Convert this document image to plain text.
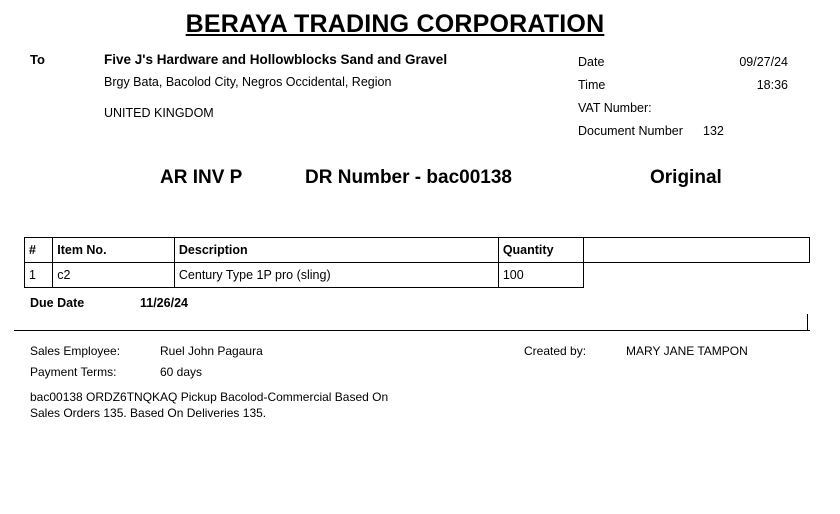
BERAYA TRADING CORPORATION
To	Five J's Hardware and Hollowblocks Sand and Gravel
Brgy Bata, Bacolod City, Negros Occidental, Region
UNITED KINGDOM
Date	09/27/24
Time	18:36
VAT Number:
Document Number 132
AR INV P	DR Number - bac00138	Original
#	Item No.	Description	Quantity	
1	c2	Century Type 1P pro (sling)	100	
Due Date	11/26/24
Sales Employee:	Ruel John Pagaura	Created by:	MARY JANE TAMPON
Payment Terms:	60 days
bac00138 ORDZ6TNQKAQ Pickup Bacolod-Commercial Based On
Sales Orders 135. Based On Deliveries 135.
